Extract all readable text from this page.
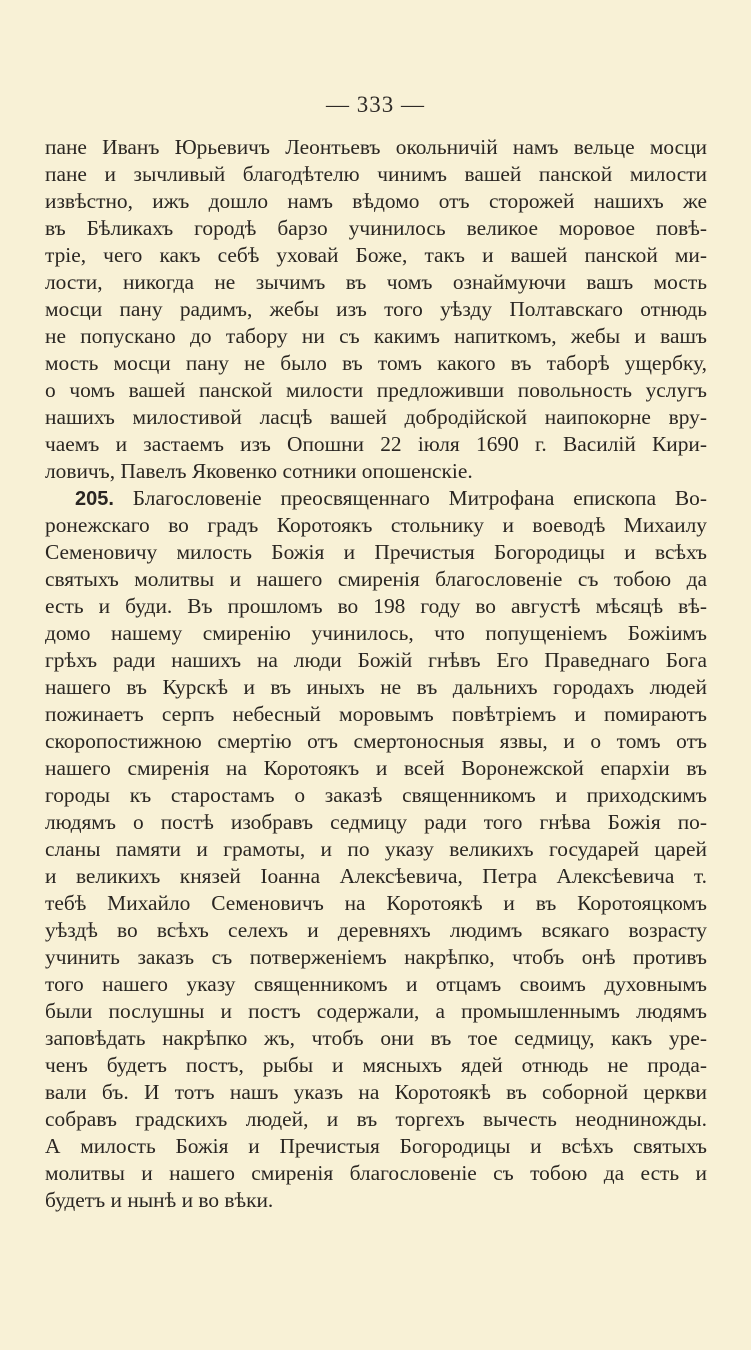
— 333 —
пане Иванъ Юрьевичъ Леонтьевъ окольничій намъ вельце мосци
пане и зычливый благодѣтелю чинимъ вашей панской милости
извѣстно, ижъ дошло намъ вѣдомо отъ сторожей нашихъ же
въ Бѣликахъ городѣ барзо учинилось великое моровое повѣ-
тріе, чего какъ себѣ уховай Боже, такъ и вашей панской ми-
лости, никогда не зычимъ въ чомъ ознаймуючи вашъ мость
мосци пану радимъ, жебы изъ того уѣзду Полтавскаго отнюдь
не попускано до табору ни съ какимъ напиткомъ, жебы и вашъ
мость мосци пану не было въ томъ какого въ таборѣ ущербку,
о чомъ вашей панской милости предложивши повольность услугъ
нашихъ милостивой ласцѣ вашей добродійской наипокорне вру-
чаемъ и застаемъ изъ Опошни 22 іюля 1690 г. Василій Кири-
ловичъ, Павелъ Яковенко сотники опошенскіе.
205. Благословеніе преосвященнаго Митрофана епископа Во-
ронежскаго во градъ Коротоякъ стольнику и воеводѣ Михаилу
Семеновичу милость Божія и Пречистыя Богородицы и всѣхъ
святыхъ молитвы и нашего смиренія благословеніе съ тобою да
есть и буди. Въ прошломъ во 198 году во августѣ мѣсяцѣ вѣ-
домо нашему смиренію учинилось, что попущеніемъ Божіимъ
грѣхъ ради нашихъ на люди Божій гнѣвъ Его Праведнаго Бога
нашего въ Курскѣ и въ иныхъ не въ дальнихъ городахъ людей
пожинаетъ серпъ небесный моровымъ повѣтріемъ и помираютъ
скоропостижною смертію отъ смертоносныя язвы, и о томъ отъ
нашего смиренія на Коротоякъ и всей Воронежской епархіи въ
городы къ старостамъ о заказѣ священникомъ и приходскимъ
людямъ о постѣ изобравъ седмицу ради того гнѣва Божія по-
сланы памяти и грамоты, и по указу великихъ государей царей
и великихъ князей Іоанна Алексѣевича, Петра Алексѣевича т.
тебѣ Михайло Семеновичъ на Коротоякѣ и въ Коротояцкомъ
уѣздѣ во всѣхъ селехъ и деревняхъ людимъ всякаго возрасту
учинить заказъ съ потверженіемъ накрѣпко, чтобъ онѣ противъ
того нашего указу священникомъ и отцамъ своимъ духовнымъ
были послушны и постъ содержали, а промышленнымъ людямъ
заповѣдать накрѣпко жъ, чтобъ они въ тое седмицу, какъ уре-
ченъ будетъ постъ, рыбы и мясныхъ ядей отнюдь не прода-
вали бъ. И тотъ нашъ указъ на Коротоякѣ въ соборной церкви
собравъ градскихъ людей, и въ торгехъ вычесть неодниножды.
А милость Божія и Пречистыя Богородицы и всѣхъ святыхъ
молитвы и нашего смиренія благословеніе съ тобою да есть и
будетъ и нынѣ и во вѣки.
